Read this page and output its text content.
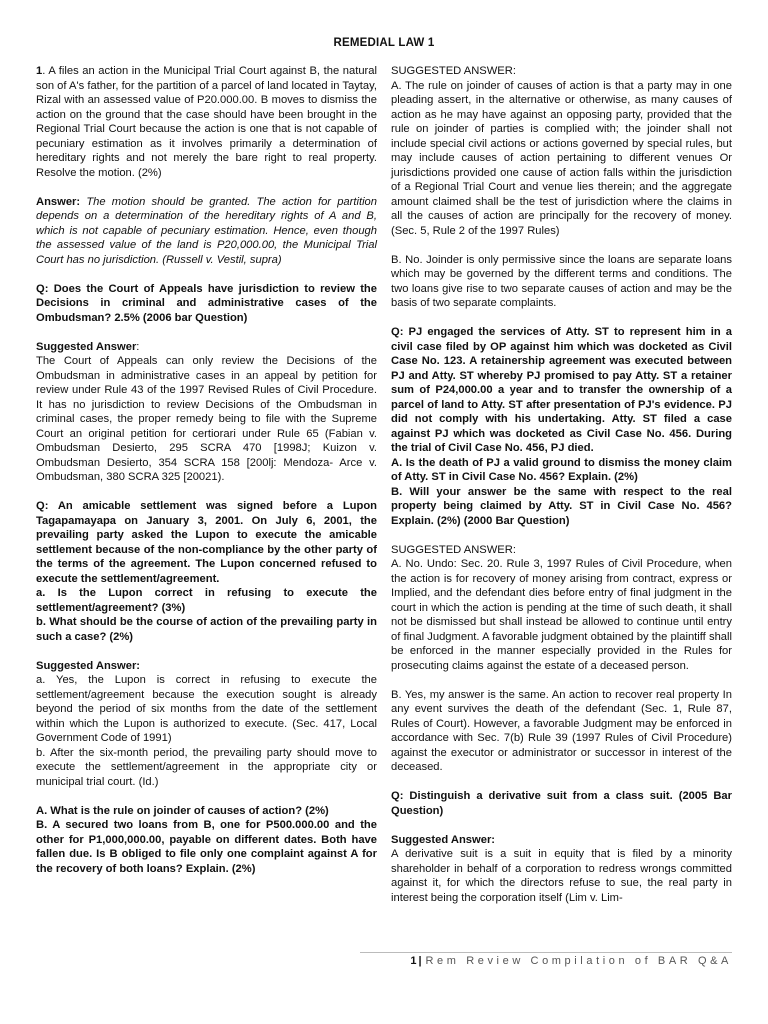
REMEDIAL LAW 1

1. A files an action in the Municipal Trial Court against B, the natural son of A's father, for the partition of a parcel of land located in Taytay, Rizal with an assessed value of P20.000.00. B moves to dismiss the action on the ground that the case should have been brought in the Regional Trial Court because the action is one that is not capable of pecuniary estimation as it involves primarily a determination of hereditary rights and not merely the bare right to real property. Resolve the motion. (2%)

Answer: The motion should be granted. The action for partition depends on a determination of the hereditary rights of A and B, which is not capable of pecuniary estimation. Hence, even though the assessed value of the land is P20,000.00, the Municipal Trial Court has no jurisdiction. (Russell v. Vestil, supra)

Q: Does the Court of Appeals have jurisdiction to review the Decisions in criminal and administrative cases of the Ombudsman? 2.5% (2006 bar Question)

Suggested Answer:
The Court of Appeals can only review the Decisions of the Ombudsman in administrative cases in an appeal by petition for review under Rule 43 of the 1997 Revised Rules of Civil Procedure. It has no jurisdiction to review Decisions of the Ombudsman in criminal cases, the proper remedy being to file with the Supreme Court an original petition for certiorari under Rule 65 (Fabian v. Ombudsman Desierto, 295 SCRA 470 [1998J; Kuizon v. Ombudsman Desierto, 354 SCRA 158 [200lj: Mendoza- Arce v. Ombudsman, 380 SCRA 325 [20021).

Q: An amicable settlement was signed before a Lupon Tagapamayapa on January 3, 2001. On July 6, 2001, the prevailing party asked the Lupon to execute the amicable settlement because of the non-compliance by the other party of the terms of the agreement. The Lupon concerned refused to execute the settlement/agreement.

a. Is the Lupon correct in refusing to execute the settlement/agreement? (3%)

b. What should be the course of action of the prevailing party in such a case? (2%)

Suggested Answer:

a. Yes, the Lupon is correct in refusing to execute the settlement/agreement because the execution sought is already beyond the period of six months from the date of the settlement within which the Lupon is authorized to execute. (Sec. 417, Local Government Code of 1991)

b. After the six-month period, the prevailing party should move to execute the settlement/agreement in the appropriate city or municipal trial court. (Id.)

A. What is the rule on joinder of causes of action? (2%)

B. A secured two loans from B, one for P500.000.00 and the other for P1,000,000.00, payable on different dates. Both have fallen due. Is B obliged to file only one complaint against A for the recovery of both loans? Explain. (2%)

SUGGESTED ANSWER:

A. The rule on joinder of causes of action is that a party may in one pleading assert, in the alternative or otherwise, as many causes of action as he may have against an opposing party, provided that the rule on joinder of parties is complied with; the joinder shall not include special civil actions or actions governed by special rules, but may include causes of action pertaining to different venues Or jurisdictions provided one cause of action falls within the jurisdiction of a Regional Trial Court and venue lies therein; and the aggregate amount claimed shall be the test of jurisdiction where the claims in all the causes of action are principally for the recovery of money. (Sec. 5, Rule 2 of the 1997 Rules)

B. No. Joinder is only permissive since the loans are separate loans which may be governed by the different terms and conditions. The two loans give rise to two separate causes of action and may be the basis of two separate complaints.

Q: PJ engaged the services of Atty. ST to represent him in a civil case filed by OP against him which was docketed as Civil Case No. 123. A retainership agreement was executed between PJ and Atty. ST whereby PJ promised to pay Atty. ST a retainer sum of P24,000.00 a year and to transfer the ownership of a parcel of land to Atty. ST after presentation of PJ's evidence. PJ did not comply with his undertaking. Atty. ST filed a case against PJ which was docketed as Civil Case No. 456. During the trial of Civil Case No. 456, PJ died.

A. Is the death of PJ a valid ground to dismiss the money claim of Atty. ST in Civil Case No. 456? Explain. (2%)

B. Will your answer be the same with respect to the real property being claimed by Atty. ST in Civil Case No. 456? Explain. (2%) (2000 Bar Question)

SUGGESTED ANSWER:

A. No. Undo: Sec. 20. Rule 3, 1997 Rules of Civil Procedure, when the action is for recovery of money arising from contract, express or Implied, and the defendant dies before entry of final judgment in the court in which the action is pending at the time of such death, it shall not be dismissed but shall instead be allowed to continue until entry of final Judgment. A favorable judgment obtained by the plaintiff shall be enforced in the manner especially provided in the Rules for prosecuting claims against the estate of a deceased person.

B. Yes, my answer is the same. An action to recover real property In any event survives the death of the defendant (Sec. 1, Rule 87, Rules of Court). However, a favorable Judgment may be enforced in accordance with Sec. 7(b) Rule 39 (1997 Rules of Civil Procedure) against the executor or administrator or successor in interest of the deceased.

Q: Distinguish a derivative suit from a class suit. (2005 Bar Question)

Suggested Answer:

A derivative suit is a suit in equity that is filed by a minority shareholder in behalf of a corporation to redress wrongs committed against it, for which the directors refuse to sue, the real party in interest being the corporation itself (Lim v. Lim-

1 | Rem Review Compilation of BAR Q&A
